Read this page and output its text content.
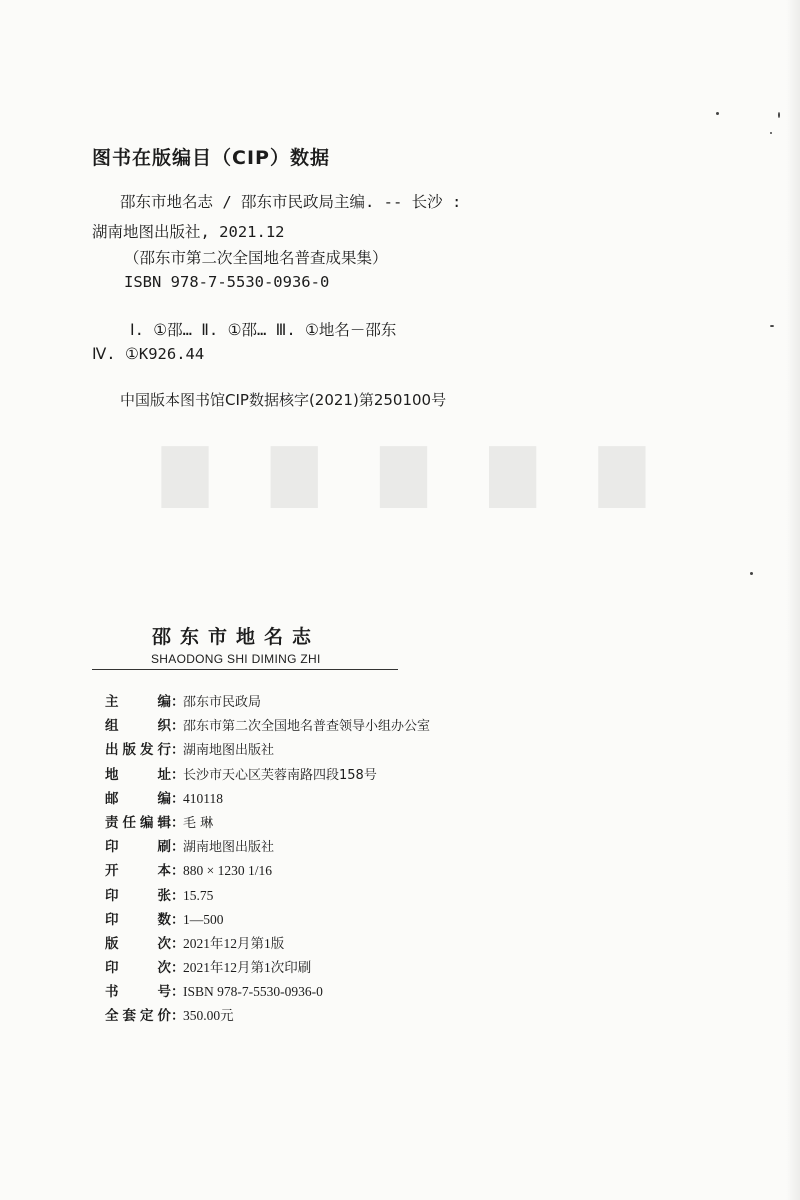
▇ ▇ ▇ ▇ ▇
图书在版编目（CIP）数据
邵东市地名志 / 邵东市民政局主编. -- 长沙 :
湖南地图出版社, 2021.12
（邵东市第二次全国地名普查成果集）
ISBN 978-7-5530-0936-0
Ⅰ. ①邵… Ⅱ. ①邵… Ⅲ. ①地名－邵东
Ⅳ. ①K926.44
中国版本图书馆CIP数据核字(2021)第250100号
邵东市地名志
SHAODONG SHI DIMING ZHI
主	编 ：
邵东市民政局
组	织 ：
邵东市第二次全国地名普查领导小组办公室
出 版 发 行 ：
湖南地图出版社
地	址 ：
长沙市天心区芙蓉南路四段158号
邮	编 ：
410118
责 任 编 辑 ：
毛 琳
印	刷 ：
湖南地图出版社
开	本 ：
880 × 1230 1/16
印	张 ：
15.75
印	数 ：
1—500
版	次 ：
2021年12月第1版
印	次 ：
2021年12月第1次印刷
书	号 ：
ISBN 978-7-5530-0936-0
全 套 定 价 ：
350.00元
